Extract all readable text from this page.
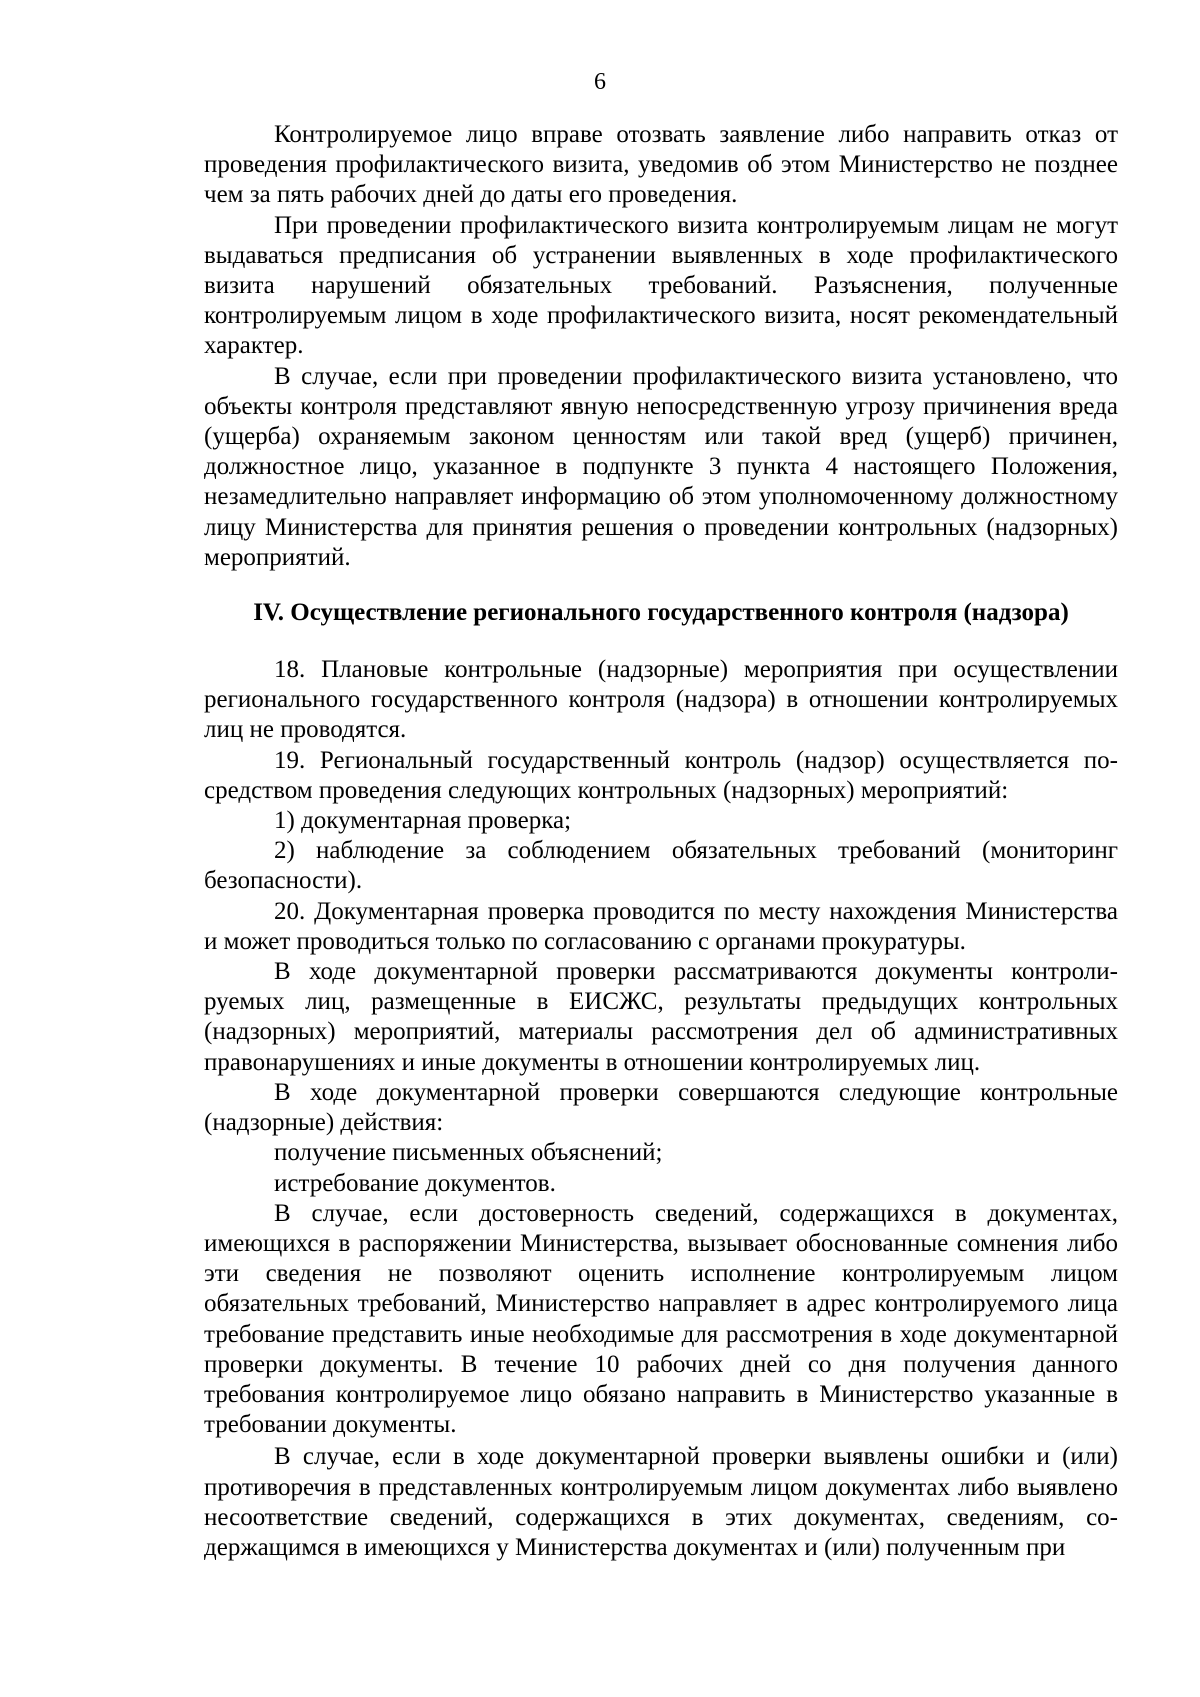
6

Контролируемое лицо вправе отозвать заявление либо направить отказ от проведения профилактического визита, уведомив об этом Министерство не позднее чем за пять рабочих дней до даты его проведения.

При проведении профилактического визита контролируемым лицам не могут выдаваться предписания об устранении выявленных в ходе профилактического визита нарушений обязательных требований. Разъяснения, полученные контролируемым лицом в ходе профилактического визита, носят рекомендательный характер.

В случае, если при проведении профилактического визита установлено, что объекты контроля представляют явную непосредственную угрозу причинения вреда (ущерба) охраняемым законом ценностям или такой вред (ущерб) причинен, должностное лицо, указанное в подпункте 3 пункта 4 настоящего Положения, незамедлительно направляет информацию об этом уполномоченному должностному лицу Министерства для принятия решения о проведении контрольных (надзорных) мероприятий.

IV. Осуществление регионального государственного контроля (надзора)

18. Плановые контрольные (надзорные) мероприятия при осуществлении регионального государственного контроля (надзора) в отношении контролируемых лиц не проводятся.

19. Региональный государственный контроль (надзор) осуществляется посредством проведения следующих контрольных (надзорных) мероприятий:

1) документарная проверка;

2) наблюдение за соблюдением обязательных требований (мониторинг безопасности).

20. Документарная проверка проводится по месту нахождения Министерства и может проводиться только по согласованию с органами прокуратуры.

В ходе документарной проверки рассматриваются документы контролируемых лиц, размещенные в ЕИСЖС, результаты предыдущих контрольных (надзорных) мероприятий, материалы рассмотрения дел об административных правонарушениях и иные документы в отношении контролируемых лиц.

В ходе документарной проверки совершаются следующие контрольные (надзорные) действия:

получение письменных объяснений;

истребование документов.

В случае, если достоверность сведений, содержащихся в документах, имеющихся в распоряжении Министерства, вызывает обоснованные сомнения либо эти сведения не позволяют оценить исполнение контролируемым лицом обязательных требований, Министерство направляет в адрес контролируемого лица требование представить иные необходимые для рассмотрения в ходе документарной проверки документы. В течение 10 рабочих дней со дня получения данного требования контролируемое лицо обязано направить в Министерство указанные в требовании документы.

В случае, если в ходе документарной проверки выявлены ошибки и (или) противоречия в представленных контролируемым лицом документах либо выявлено несоответствие сведений, содержащихся в этих документах, сведениям, содержащимся в имеющихся у Министерства документах и (или) полученным при
